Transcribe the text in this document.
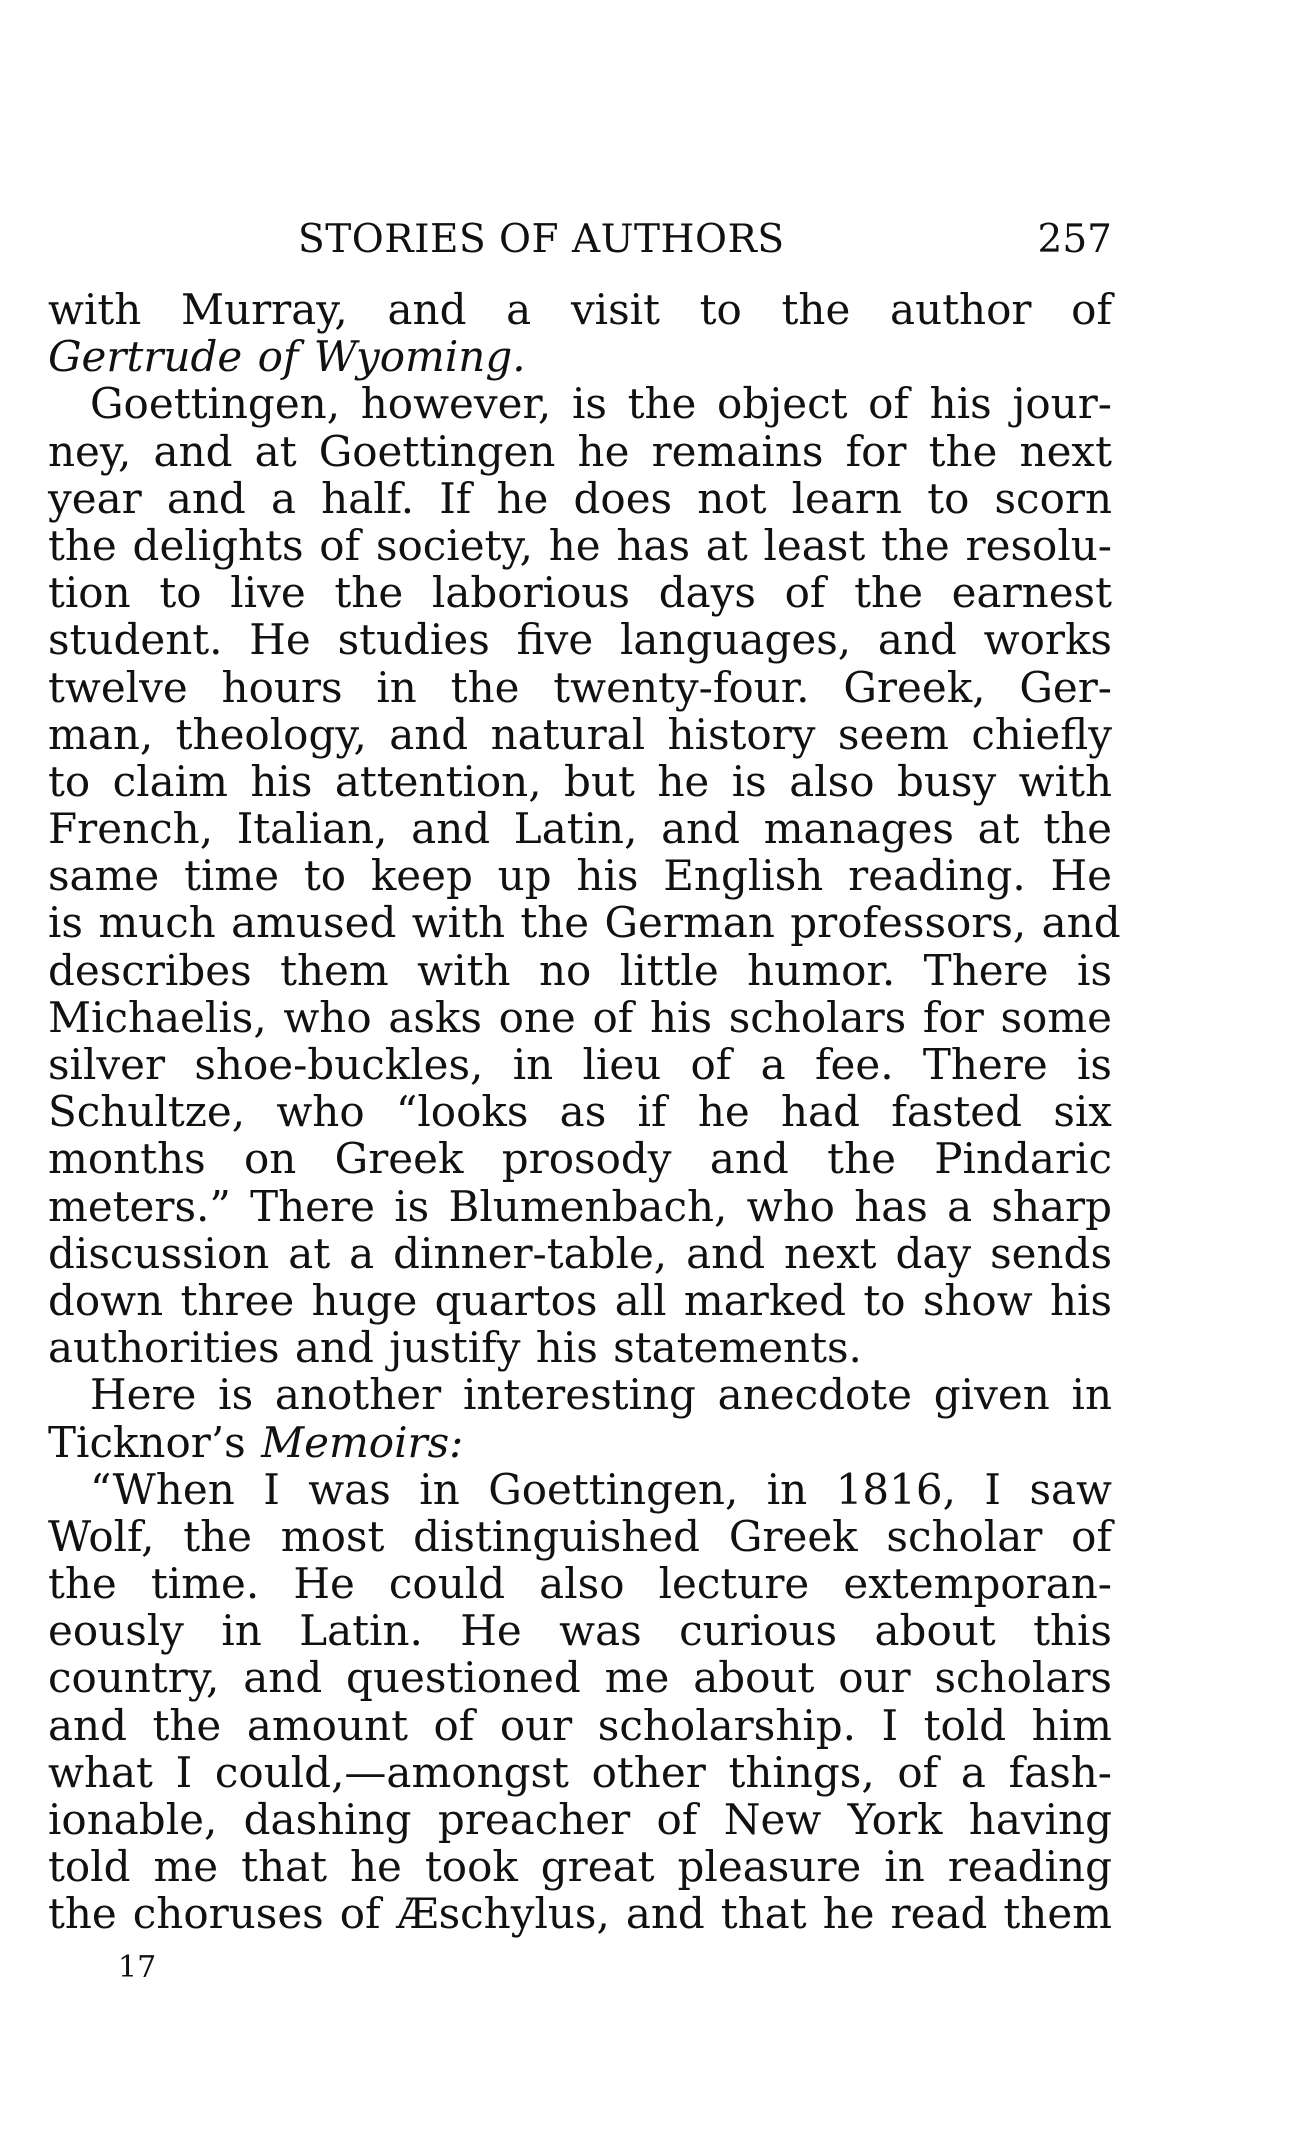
STORIES OF AUTHORS	257
with Murray, and a visit to the author of
Gertrude of Wyoming.
Goettingen, however, is the object of his jour-
ney, and at Goettingen he remains for the next
year and a half. If he does not learn to scorn
the delights of society, he has at least the resolu-
tion to live the laborious days of the earnest
student. He studies five languages, and works
twelve hours in the twenty-four. Greek, Ger-
man, theology, and natural history seem chiefly
to claim his attention, but he is also busy with
French, Italian, and Latin, and manages at the
same time to keep up his English reading. He
is much amused with the German professors, and
describes them with no little humor. There is
Michaelis, who asks one of his scholars for some
silver shoe-buckles, in lieu of a fee. There is
Schultze, who “looks as if he had fasted six
months on Greek prosody and the Pindaric
meters.” There is Blumenbach, who has a sharp
discussion at a dinner-table, and next day sends
down three huge quartos all marked to show his
authorities and justify his statements.
Here is another interesting anecdote given in
Ticknor’s Memoirs:
“When I was in Goettingen, in 1816, I saw
Wolf, the most distinguished Greek scholar of
the time. He could also lecture extemporan-
eously in Latin. He was curious about this
country, and questioned me about our scholars
and the amount of our scholarship. I told him
what I could,—amongst other things, of a fash-
ionable, dashing preacher of New York having
told me that he took great pleasure in reading
the choruses of Æschylus, and that he read them
17
